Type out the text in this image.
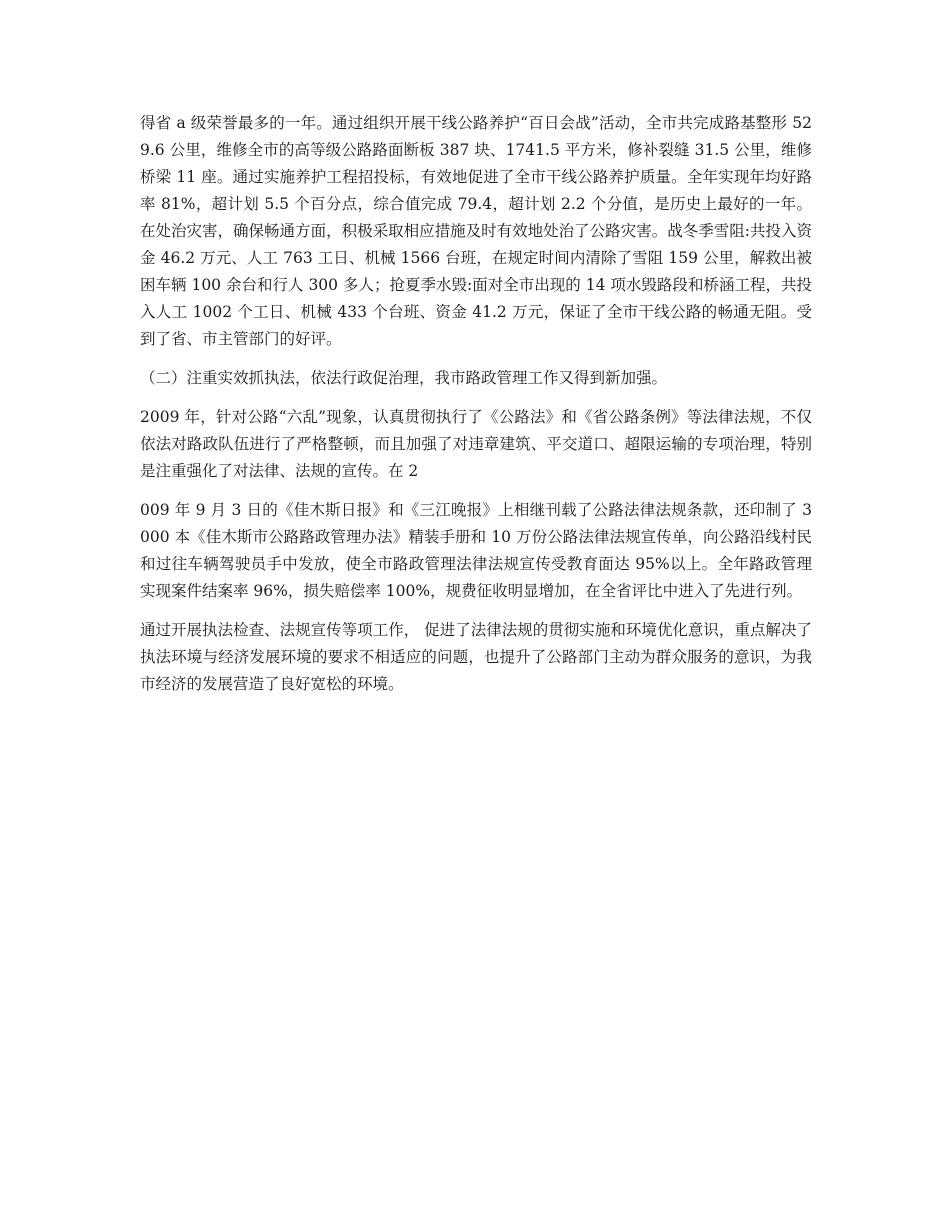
得省 a 级荣誉最多的一年。通过组织开展干线公路养护“百日会战”活动，全市共完成路基整形 529.6 公里，维修全市的高等级公路路面断板 387 块、1741.5 平方米，修补裂缝 31.5 公里，维修桥梁 11 座。通过实施养护工程招投标，有效地促进了全市干线公路养护质量。全年实现年均好路率 81%，超计划 5.5 个百分点，综合值完成 79.4，超计划 2.2 个分值，是历史上最好的一年。在处治灾害，确保畅通方面，积极采取相应措施及时有效地处治了公路灾害。战冬季雪阻:共投入资金 46.2 万元、人工 763 工日、机械 1566 台班，在规定时间内清除了雪阻 159 公里，解救出被困车辆 100 余台和行人 300 多人；抢夏季水毁:面对全市出现的 14 项水毁路段和桥涵工程，共投入人工 1002 个工日、机械 433 个台班、资金 41.2 万元，保证了全市干线公路的畅通无阻。受到了省、市主管部门的好评。

（二）注重实效抓执法，依法行政促治理，我市路政管理工作又得到新加强。

2009 年，针对公路“六乱”现象，认真贯彻执行了《公路法》和《省公路条例》等法律法规，不仅依法对路政队伍进行了严格整顿，而且加强了对违章建筑、平交道口、超限运输的专项治理，特别是注重强化了对法律、法规的宣传。在 2

009 年 9 月 3 日的《佳木斯日报》和《三江晚报》上相继刊载了公路法律法规条款，还印制了 3000 本《佳木斯市公路路政管理办法》精装手册和 10 万份公路法律法规宣传单，向公路沿线村民和过往车辆驾驶员手中发放，使全市路政管理法律法规宣传受教育面达 95%以上。全年路政管理实现案件结案率 96%，损失赔偿率 100%，规费征收明显增加，在全省评比中进入了先进行列。

通过开展执法检查、法规宣传等项工作， 促进了法律法规的贯彻实施和环境优化意识，重点解决了执法环境与经济发展环境的要求不相适应的问题，也提升了公路部门主动为群众服务的意识，为我市经济的发展营造了良好宽松的环境。
